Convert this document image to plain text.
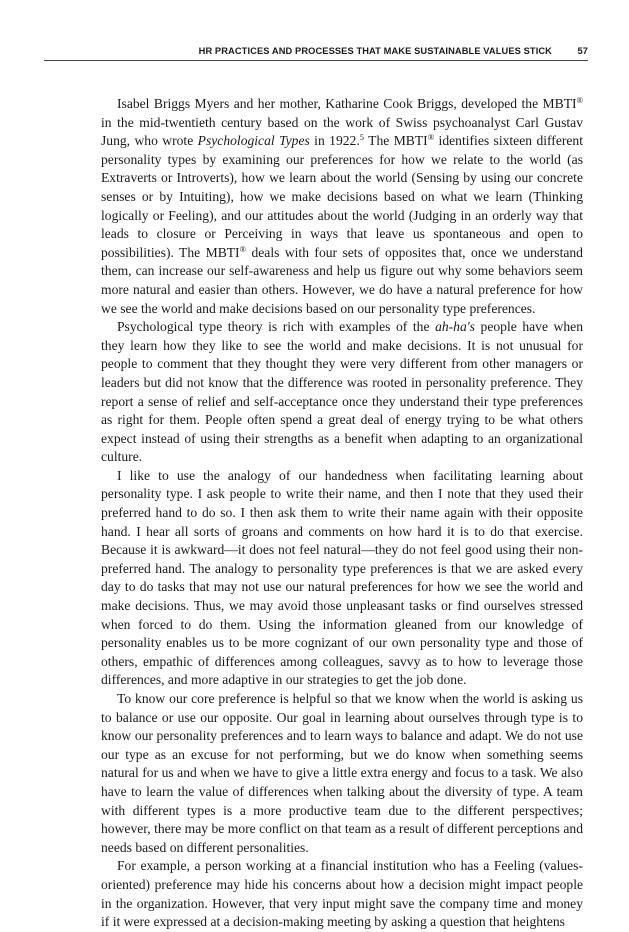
HR PRACTICES AND PROCESSES THAT MAKE SUSTAINABLE VALUES STICK	57

Isabel Briggs Myers and her mother, Katharine Cook Briggs, developed the MBTI® in the mid-twentieth century based on the work of Swiss psychoanalyst Carl Gustav Jung, who wrote Psychological Types in 1922.$^5$ The MBTI® identifies sixteen different personality types by examining our preferences for how we relate to the world (as Extraverts or Introverts), how we learn about the world (Sensing by using our concrete senses or by Intuiting), how we make decisions based on what we learn (Thinking logically or Feeling), and our attitudes about the world (Judging in an orderly way that leads to closure or Perceiving in ways that leave us spontaneous and open to possibilities). The MBTI® deals with four sets of opposites that, once we understand them, can increase our self-awareness and help us figure out why some behaviors seem more natural and easier than others. However, we do have a natural preference for how we see the world and make decisions based on our personality type preferences.

Psychological type theory is rich with examples of the ah-ha's people have when they learn how they like to see the world and make decisions. It is not unusual for people to comment that they thought they were very different from other managers or leaders but did not know that the difference was rooted in personality preference. They report a sense of relief and self-acceptance once they understand their type preferences as right for them. People often spend a great deal of energy trying to be what others expect instead of using their strengths as a benefit when adapting to an organizational culture.

I like to use the analogy of our handedness when facilitating learning about personality type. I ask people to write their name, and then I note that they used their preferred hand to do so. I then ask them to write their name again with their opposite hand. I hear all sorts of groans and comments on how hard it is to do that exercise. Because it is awkward—it does not feel natural—they do not feel good using their non-preferred hand. The analogy to personality type preferences is that we are asked every day to do tasks that may not use our natural preferences for how we see the world and make decisions. Thus, we may avoid those unpleasant tasks or find ourselves stressed when forced to do them. Using the information gleaned from our knowledge of personality enables us to be more cognizant of our own personality type and those of others, empathic of differences among colleagues, savvy as to how to leverage those differences, and more adaptive in our strategies to get the job done.

To know our core preference is helpful so that we know when the world is asking us to balance or use our opposite. Our goal in learning about ourselves through type is to know our personality preferences and to learn ways to balance and adapt. We do not use our type as an excuse for not performing, but we do know when something seems natural for us and when we have to give a little extra energy and focus to a task. We also have to learn the value of differences when talking about the diversity of type. A team with different types is a more productive team due to the different perspectives; however, there may be more conflict on that team as a result of different perceptions and needs based on different personalities.

For example, a person working at a financial institution who has a Feeling (values-oriented) preference may hide his concerns about how a decision might impact people in the organization. However, that very input might save the company time and money if it were expressed at a decision-making meeting by asking a question that heightens
